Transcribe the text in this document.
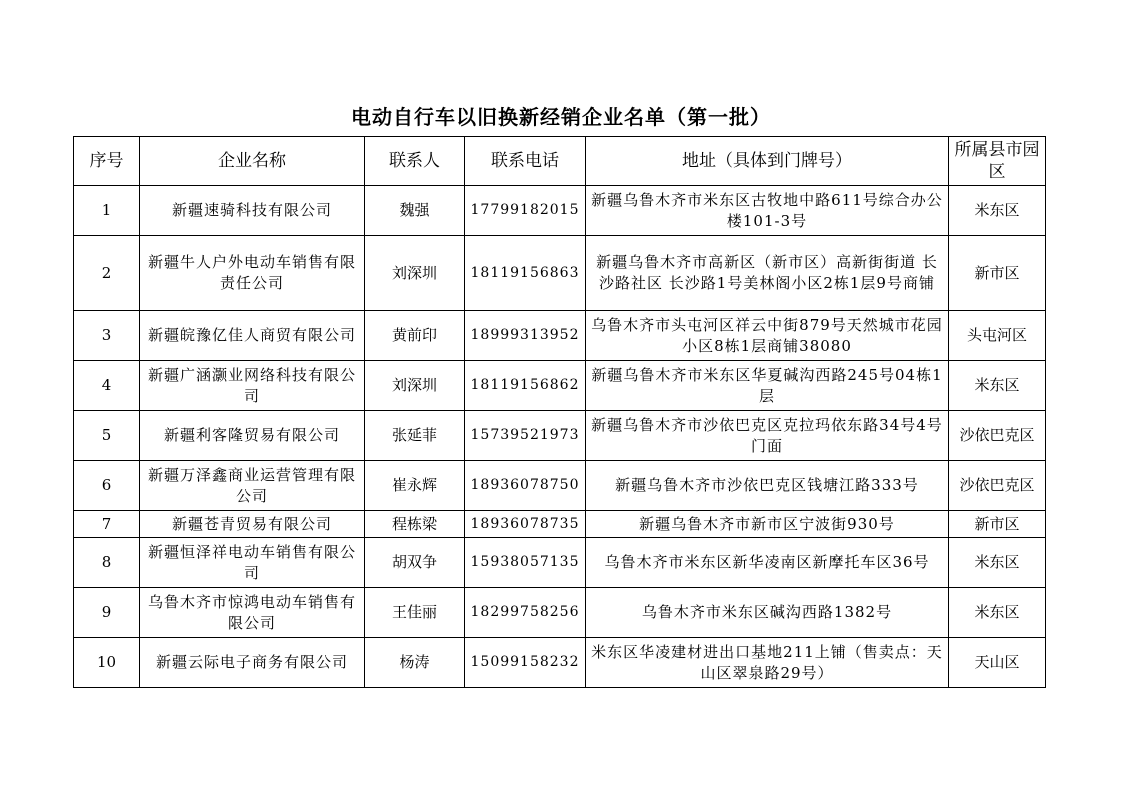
电动自行车以旧换新经销企业名单（第一批）
序号	企业名称	联系人	联系电话	地址（具体到门牌号）	所属县市园区
1	新疆速骑科技有限公司	魏强	17799182015	新疆乌鲁木齐市米东区古牧地中路611号综合办公楼101-3号	米东区
2	新疆牛人户外电动车销售有限责任公司	刘深圳	18119156863	新疆乌鲁木齐市高新区（新市区）高新街街道 长沙路社区 长沙路1号美林阁小区2栋1层9号商铺	新市区
3	新疆皖豫亿佳人商贸有限公司	黄前印	18999313952	乌鲁木齐市头屯河区祥云中街879号天然城市花园小区8栋1层商铺38080	头屯河区
4	新疆广涵灏业网络科技有限公司	刘深圳	18119156862	新疆乌鲁木齐市米东区华夏碱沟西路245号04栋1层	米东区
5	新疆利客隆贸易有限公司	张延菲	15739521973	新疆乌鲁木齐市沙依巴克区克拉玛依东路34号4号门面	沙依巴克区
6	新疆万泽鑫商业运营管理有限公司	崔永辉	18936078750	新疆乌鲁木齐市沙依巴克区钱塘江路333号	沙依巴克区
7	新疆苍青贸易有限公司	程栋梁	18936078735	新疆乌鲁木齐市新市区宁波街930号	新市区
8	新疆恒泽祥电动车销售有限公司	胡双争	15938057135	乌鲁木齐市米东区新华凌南区新摩托车区36号	米东区
9	乌鲁木齐市惊鸿电动车销售有限公司	王佳丽	18299758256	乌鲁木齐市米东区碱沟西路1382号	米东区
10	新疆云际电子商务有限公司	杨涛	15099158232	米东区华凌建材进出口基地211上铺（售卖点：天山区翠泉路29号）	天山区
